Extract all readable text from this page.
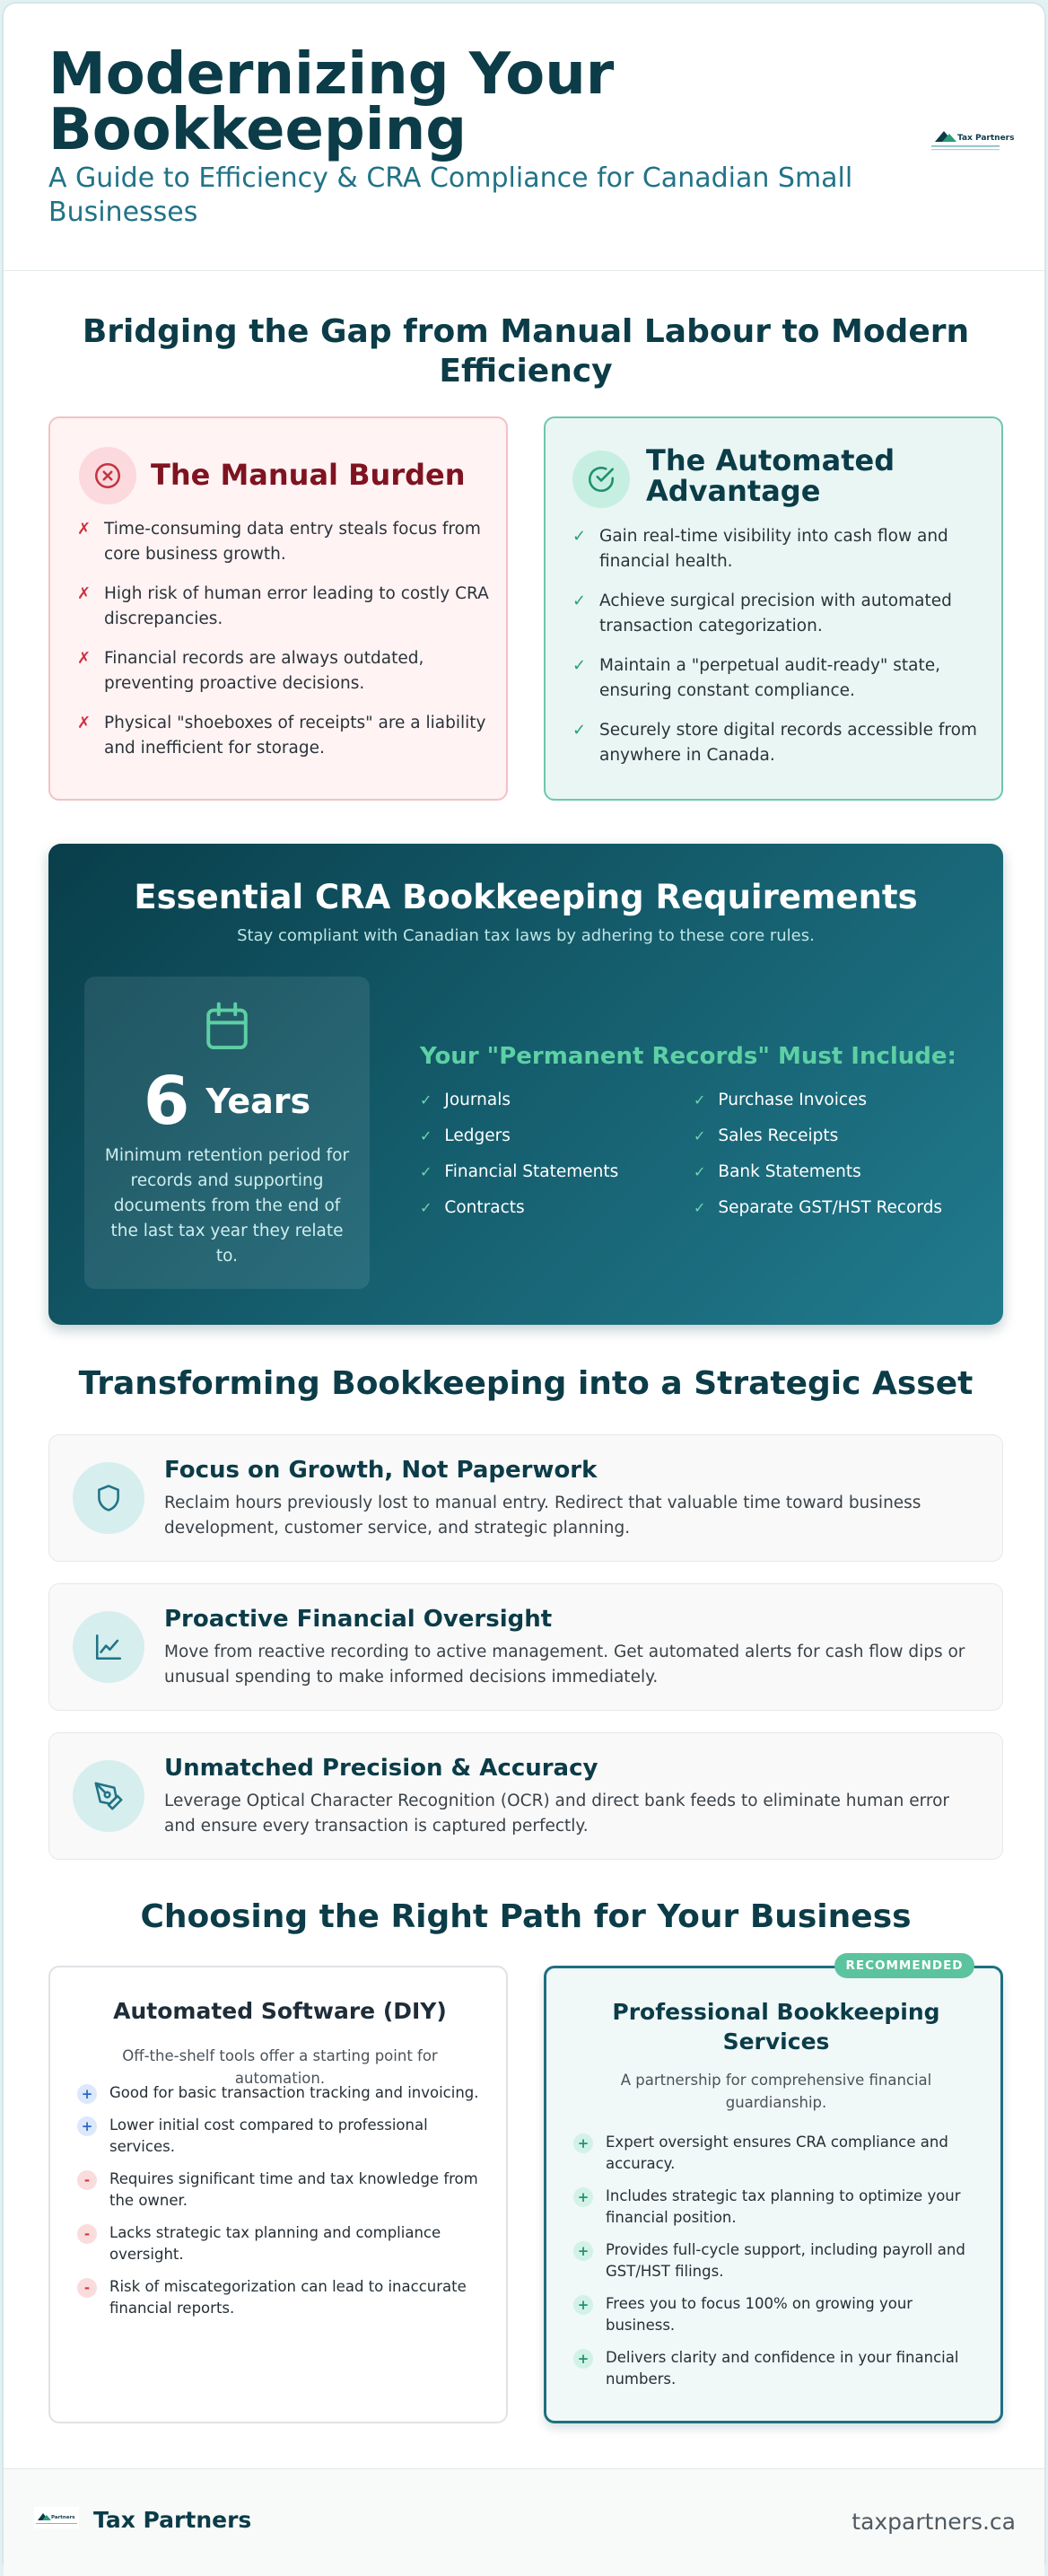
Modernizing Your Bookkeeping

A Guide to Efficiency & CRA Compliance for Canadian Small Businesses

Tax Partners
Bridging the Gap from Manual Labour to Modern Efficiency
The Manual Burden
✗ Time-consuming data entry steals focus from core business growth.
✗ High risk of human error leading to costly CRA discrepancies.
✗ Financial records are always outdated, preventing proactive decisions.
✗ Physical "shoeboxes of receipts" are a liability and inefficient for storage.
The Automated Advantage
✓ Gain real-time visibility into cash flow and financial health.
✓ Achieve surgical precision with automated transaction categorization.
✓ Maintain a "perpetual audit-ready" state, ensuring constant compliance.
✓ Securely store digital records accessible from anywhere in Canada.
Essential CRA Bookkeeping Requirements

Stay compliant with Canadian tax laws by adhering to these core rules.

6 Years

Minimum retention period for records and supporting documents from the end of the last tax year they relate to.

Your "Permanent Records" Must Include:
✓ Journals	✓ Purchase Invoices
✓ Ledgers	✓ Sales Receipts
✓ Financial Statements	✓ Bank Statements
✓ Contracts	✓ Separate GST/HST Records
Transforming Bookkeeping into a Strategic Asset
Focus on Growth, Not Paperwork

Reclaim hours previously lost to manual entry. Redirect that valuable time toward business development, customer service, and strategic planning.

Proactive Financial Oversight

Move from reactive recording to active management. Get automated alerts for cash flow dips or unusual spending to make informed decisions immediately.

Unmatched Precision & Accuracy

Leverage Optical Character Recognition (OCR) and direct bank feeds to eliminate human error and ensure every transaction is captured perfectly.

Choosing the Right Path for Your Business
Automated Software (DIY)

Off-the-shelf tools offer a starting point for automation.

+ Good for basic transaction tracking and invoicing.
+ Lower initial cost compared to professional services.
-	Requires significant time and tax knowledge from the owner.
-	Lacks strategic tax planning and compliance oversight.
-	Risk of miscategorization can lead to inaccurate financial reports.
Professional Bookkeeping Services

A partnership for comprehensive financial guardianship.

+ Expert oversight ensures CRA compliance and accuracy.
+ Includes strategic tax planning to optimize your financial position.
+ Provides full-cycle support, including payroll and GST/HST filings.
+ Frees you to focus 100% on growing your business.
+ Delivers clarity and confidence in your financial numbers.
RECOMMENDED
Partners Tax Partners	taxpartners.ca
